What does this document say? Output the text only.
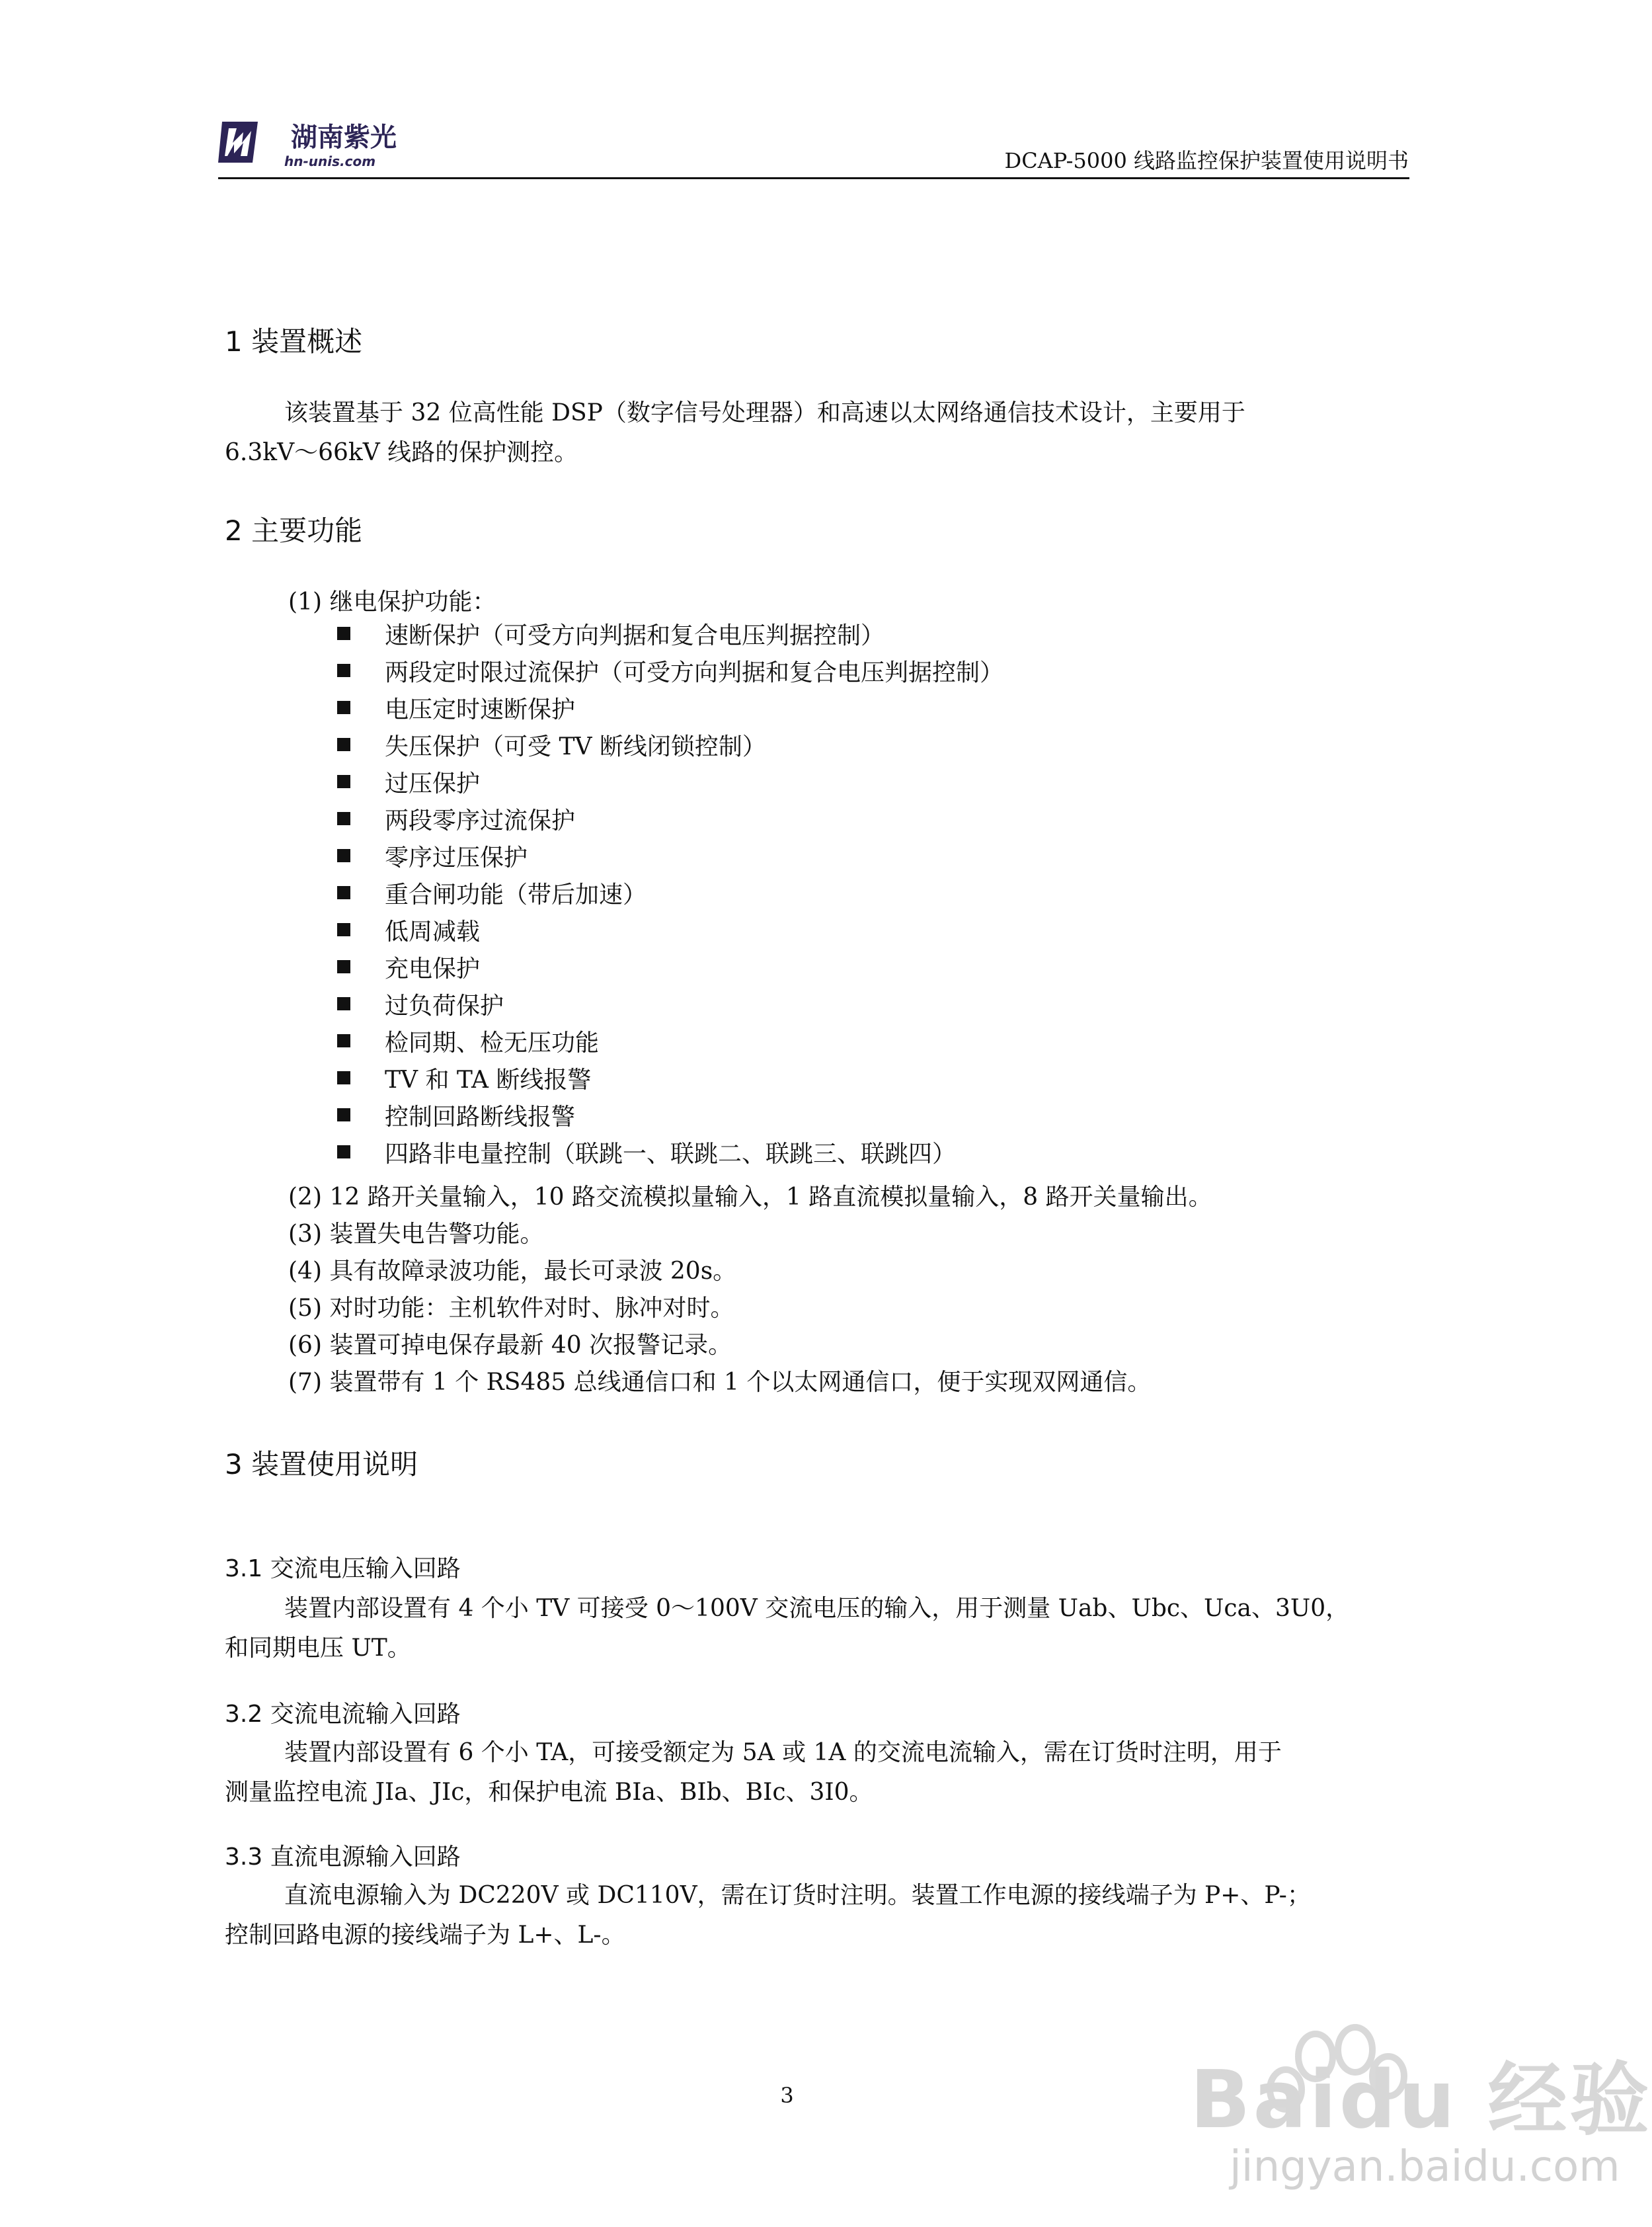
湖南紫光
hn-unis.com	DCAP-5000 线路监控保护装置使用说明书
1 装置概述
该装置基于 32 位高性能 DSP（数字信号处理器）和高速以太网络通信技术设计，主要用于
6.3kV～66kV 线路的保护测控。
2 主要功能
(1) 继电保护功能：
速断保护（可受方向判据和复合电压判据控制）
两段定时限过流保护（可受方向判据和复合电压判据控制）
电压定时速断保护
失压保护（可受 TV 断线闭锁控制）
过压保护
两段零序过流保护
零序过压保护
重合闸功能（带后加速）
低周减载
充电保护
过负荷保护
检同期、检无压功能
TV 和 TA 断线报警
控制回路断线报警
四路非电量控制（联跳一、联跳二、联跳三、联跳四）
(2) 12 路开关量输入，10 路交流模拟量输入，1 路直流模拟量输入，8 路开关量输出。
(3) 装置失电告警功能。
(4) 具有故障录波功能，最长可录波 20s。
(5) 对时功能：主机软件对时、脉冲对时。
(6) 装置可掉电保存最新 40 次报警记录。
(7) 装置带有 1 个 RS485 总线通信口和 1 个以太网通信口，便于实现双网通信。
3 装置使用说明
3.1 交流电压输入回路
装置内部设置有 4 个小 TV 可接受 0～100V 交流电压的输入，用于测量 Uab、Ubc、Uca、3U0，
和同期电压 UT。
3.2 交流电流输入回路
装置内部设置有 6 个小 TA，可接受额定为 5A 或 1A 的交流电流输入，需在订货时注明，用于
测量监控电流 JIa、JIc，和保护电流 BIa、BIb、BIc、3I0。
3.3 直流电源输入回路
直流电源输入为 DC220V 或 DC110V，需在订货时注明。装置工作电源的接线端子为 P+、P-；
控制回路电源的接线端子为 L+、L-。
3	Baidu 经验
jingyan.baidu.com
